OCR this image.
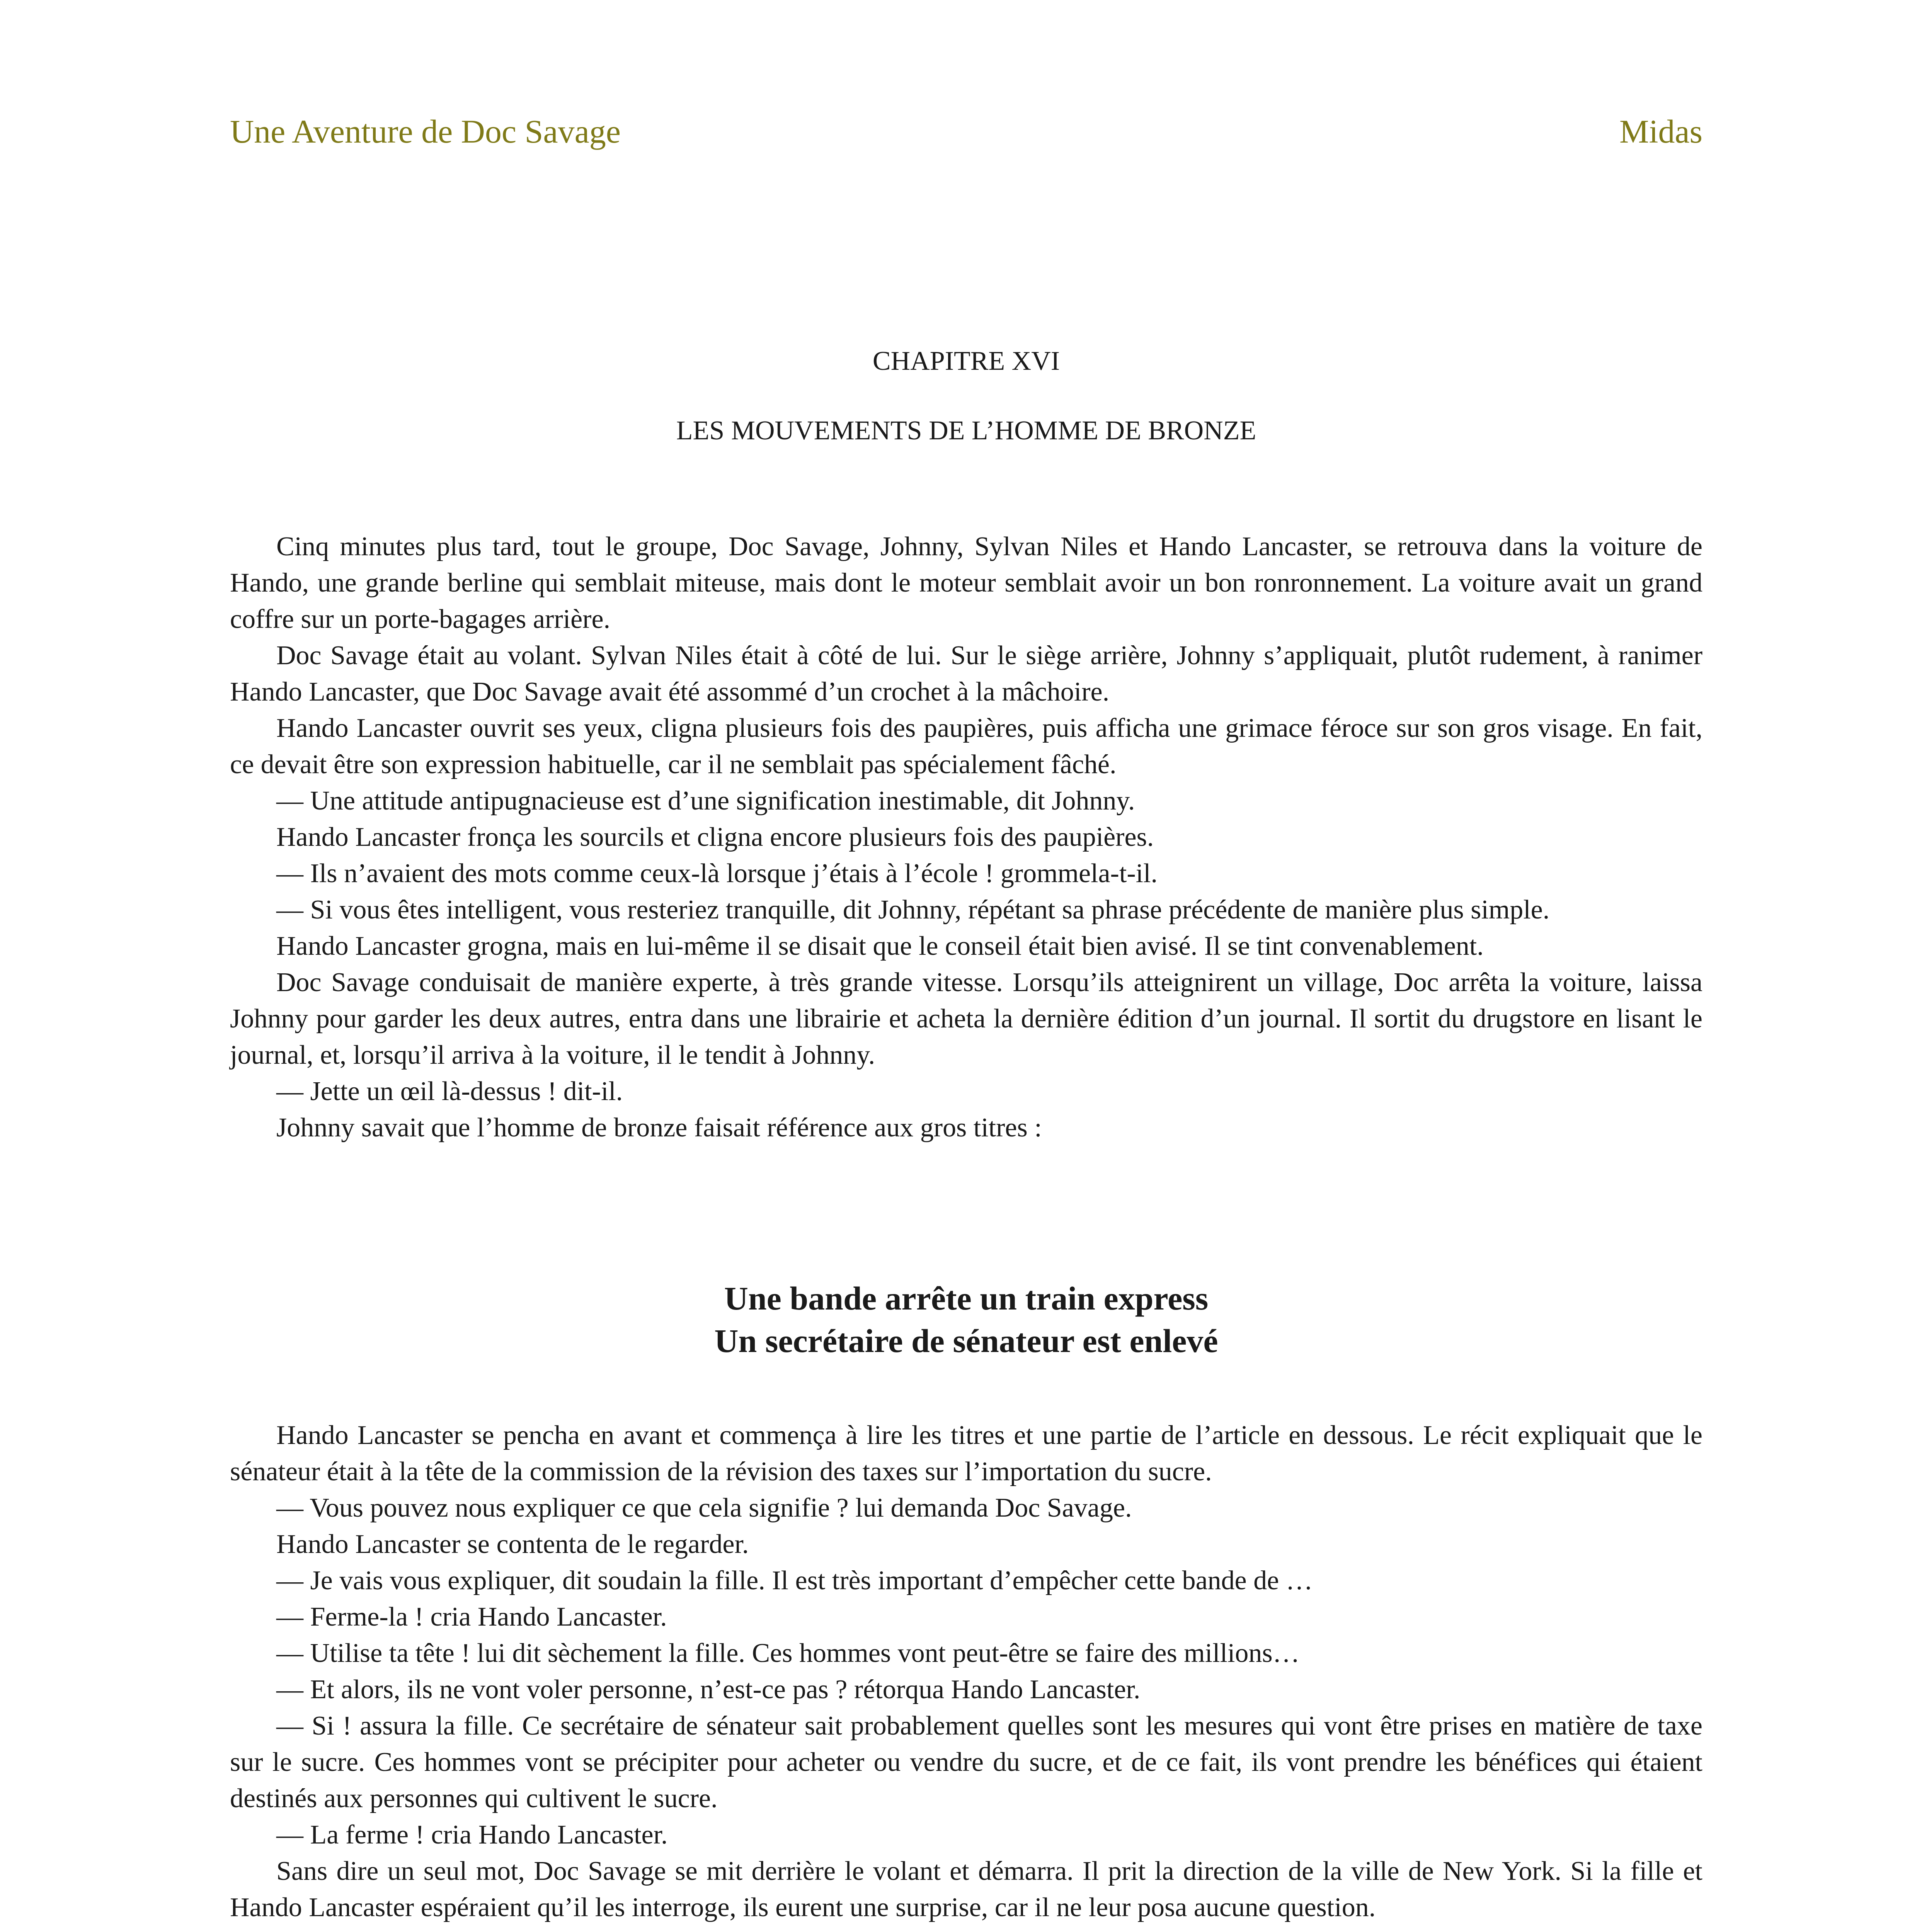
Une Aventure de Doc Savage	Midas
CHAPITRE XVI
LES MOUVEMENTS DE L’HOMME DE BRONZE

Cinq minutes plus tard, tout le groupe, Doc Savage, Johnny, Sylvan Niles et Hando Lancaster, se retrouva dans la voiture de Hando, une grande berline qui semblait miteuse, mais dont le moteur semblait avoir un bon ronronnement. La voiture avait un grand coffre sur un porte-bagages arrière.

Doc Savage était au volant. Sylvan Niles était à côté de lui. Sur le siège arrière, Johnny s’appliquait, plutôt rudement, à ranimer Hando Lancaster, que Doc Savage avait été assommé d’un crochet à la mâchoire.

Hando Lancaster ouvrit ses yeux, cligna plusieurs fois des paupières, puis afficha une grimace féroce sur son gros visage. En fait, ce devait être son expression habituelle, car il ne semblait pas spécialement fâché.

— Une attitude antipugnacieuse est d’une signification inestimable, dit Johnny.

Hando Lancaster fronça les sourcils et cligna encore plusieurs fois des paupières.

— Ils n’avaient des mots comme ceux-là lorsque j’étais à l’école ! grommela-t-il.

— Si vous êtes intelligent, vous resteriez tranquille, dit Johnny, répétant sa phrase précédente de manière plus simple.

Hando Lancaster grogna, mais en lui-même il se disait que le conseil était bien avisé. Il se tint convenablement.

Doc Savage conduisait de manière experte, à très grande vitesse. Lorsqu’ils atteignirent un village, Doc arrêta la voiture, laissa Johnny pour garder les deux autres, entra dans une librairie et acheta la dernière édition d’un journal. Il sortit du drugstore en lisant le journal, et, lorsqu’il arriva à la voiture, il le tendit à Johnny.

— Jette un œil là-dessus ! dit-il.

Johnny savait que l’homme de bronze faisait référence aux gros titres :

Une bande arrête un train express
Un secrétaire de sénateur est enlevé

Hando Lancaster se pencha en avant et commença à lire les titres et une partie de l’article en dessous. Le récit expliquait que le sénateur était à la tête de la commission de la révision des taxes sur l’importation du sucre.

— Vous pouvez nous expliquer ce que cela signifie ? lui demanda Doc Savage.

Hando Lancaster se contenta de le regarder.

— Je vais vous expliquer, dit soudain la fille. Il est très important d’empêcher cette bande de …

— Ferme-la ! cria Hando Lancaster.

— Utilise ta tête ! lui dit sèchement la fille. Ces hommes vont peut-être se faire des millions…

— Et alors, ils ne vont voler personne, n’est-ce pas ? rétorqua Hando Lancaster.

— Si ! assura la fille. Ce secrétaire de sénateur sait probablement quelles sont les mesures qui vont être prises en matière de taxe sur le sucre. Ces hommes vont se précipiter pour acheter ou vendre du sucre, et de ce fait, ils vont prendre les bénéfices qui étaient destinés aux personnes qui cultivent le sucre.

— La ferme ! cria Hando Lancaster.

Sans dire un seul mot, Doc Savage se mit derrière le volant et démarra. Il prit la direction de la ville de New York. Si la fille et Hando Lancaster espéraient qu’il les interroge, ils eurent une surprise, car il ne leur posa aucune question.
